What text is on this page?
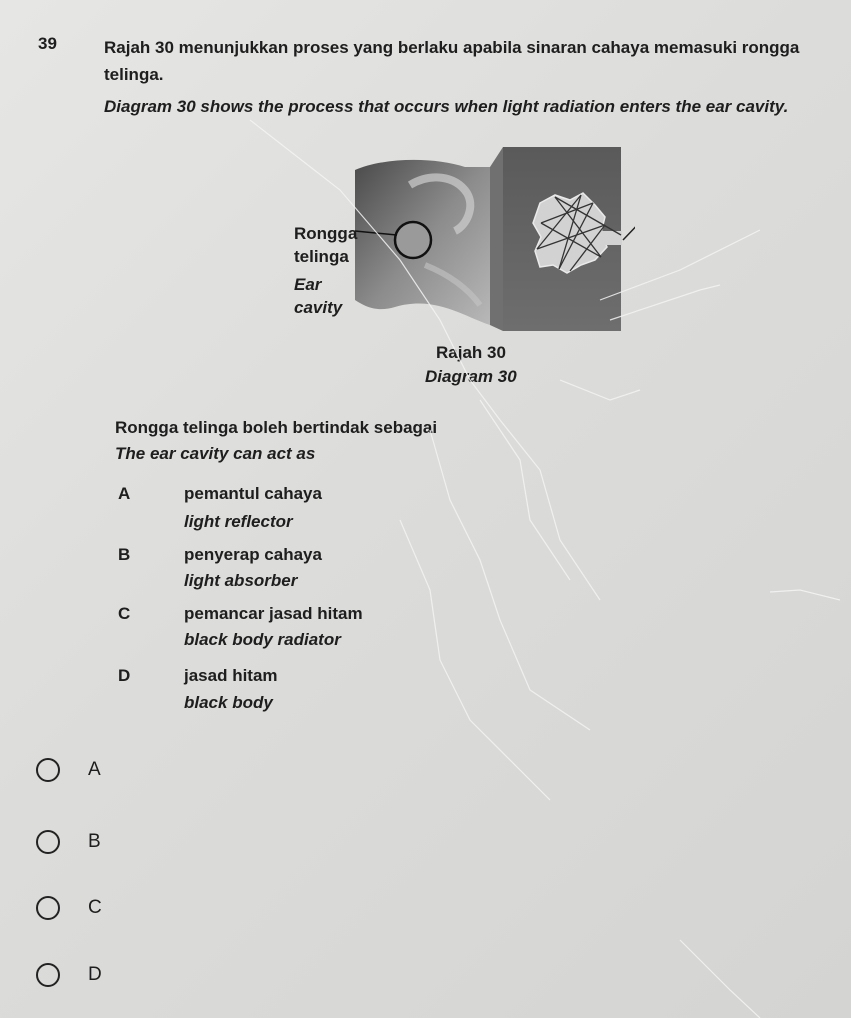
39	Rajah 30 menunjukkan proses yang berlaku apabila sinaran cahaya memasuki rongga telinga.
Diagram 30 shows the process that occurs when light radiation enters the ear cavity.
Rongga
telinga
Ear
cavity
Rajah 30
Diagram 30
Rongga telinga boleh bertindak sebagai
The ear cavity can act as
A	pemantul cahaya
light reflector
B	penyerap cahaya
light absorber
C	pemancar jasad hitam
black body radiator
D	jasad hitam
black body
A
B
C
D
